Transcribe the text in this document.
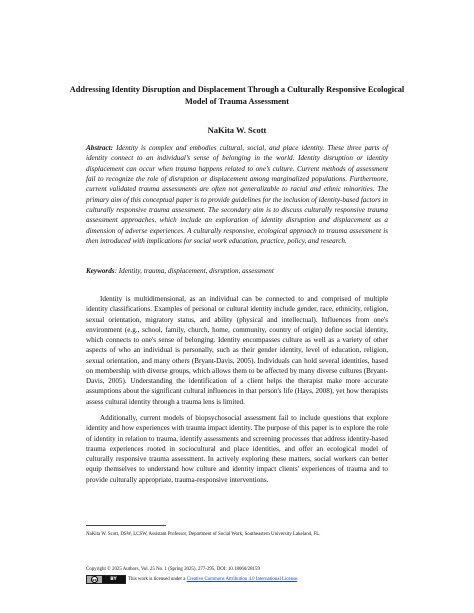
Addressing Identity Disruption and Displacement Through a Culturally Responsive Ecological Model of Trauma Assessment
NaKita W. Scott
Abstract: Identity is complex and embodies cultural, social, and place identity. These three parts of identity connect to an individual’s sense of belonging in the world. Identity disruption or identity displacement can occur when trauma happens related to one’s culture. Current methods of assessment fail to recognize the role of disruption or displacement among marginalized populations. Furthermore, current validated trauma assessments are often not generalizable to racial and ethnic minorities. The primary aim of this conceptual paper is to provide guidelines for the inclusion of identity-based factors in culturally responsive trauma assessment. The secondary aim is to discuss culturally responsive trauma assessment approaches, which include an exploration of identity disruption and displacement as a dimension of adverse experiences. A culturally responsive, ecological approach to trauma assessment is then introduced with implications for social work education, practice, policy, and research.
Keywords: Identity, trauma, displacement, disruption, assessment

Identity is multidimensional, as an individual can be connected to and comprised of multiple identity classifications. Examples of personal or cultural identity include gender, race, ethnicity, religion, sexual orientation, migratory status, and ability (physical and intellectual). Influences from one's environment (e.g., school, family, church, home, community, country of origin) define social identity, which connects to one's sense of belonging. Identity encompasses culture as well as a variety of other aspects of who an individual is personally, such as their gender identity, level of education, religion, sexual orientation, and many others (Bryant-Davis, 2005). Individuals can hold several identities, based on membership with diverse groups, which allows them to be affected by many diverse cultures (Bryant-Davis, 2005). Understanding the identification of a client helps the therapist make more accurate assumptions about the significant cultural influences in that person's life (Hays, 2008), yet how therapists assess cultural identity through a trauma lens is limited.

Additionally, current models of biopsychosocial assessment fail to include questions that explore identity and how experiences with trauma impact identity. The purpose of this paper is to explore the role of identity in relation to trauma, identify assessments and screening processes that address identity-based trauma experiences rooted in sociocultural and place identities, and offer an ecological model of culturally responsive trauma assessment. In actively exploring these matters, social workers can better equip themselves to understand how culture and identity impact clients' experiences of trauma and to provide culturally appropriate, trauma-responsive interventions.

NaKita W. Scott, DSW, LCSW, Assistant Professor, Department of Social Work, Southeastern University Lakeland, FL.
Copyright © 2025 Authors, Vol. 25 No. 1 (Spring 2025), 277-295, DOI: 10.18060/28159
cc	BY	This work is licensed under a
Creative Commons Attribution 4.0 International License .
